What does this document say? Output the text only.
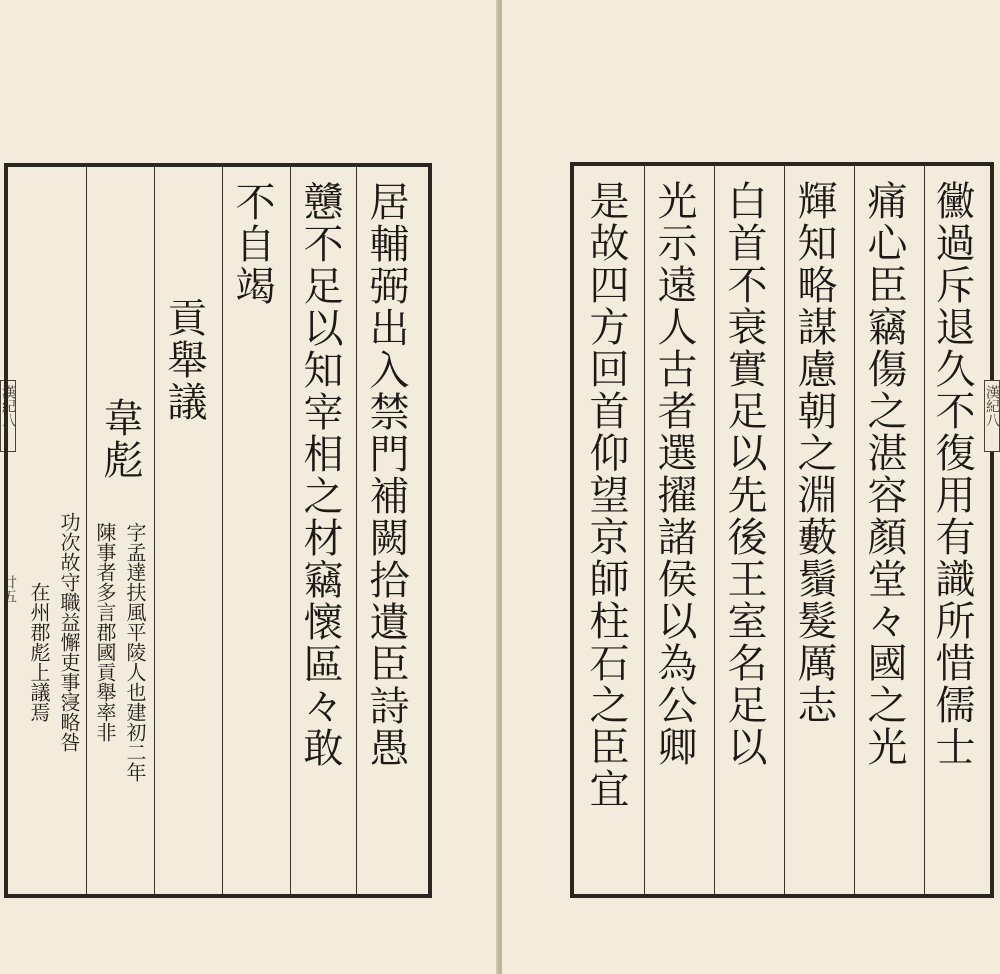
漢紀八
廿五	居輔弼出入禁門補闕拾遺臣詩愚
戇不足以知宰相之材竊懷區々敢
不自竭
貢舉議
韋彪
字孟達扶風平陵人也建初二年
陳事者多言郡國貢舉率非
功次故守職益懈吏事寖略咎
在州郡彪上議焉	黴過斥退久不復用有識所惜儒士
痛心臣竊傷之湛容顏堂々國之光
輝知略謀慮朝之淵藪鬚髮厲志
白首不衰實足以先後王室名足以
光示遠人古者選擢諸侯以為公卿
是故四方回首仰望京師柱石之臣宜	漢紀八
